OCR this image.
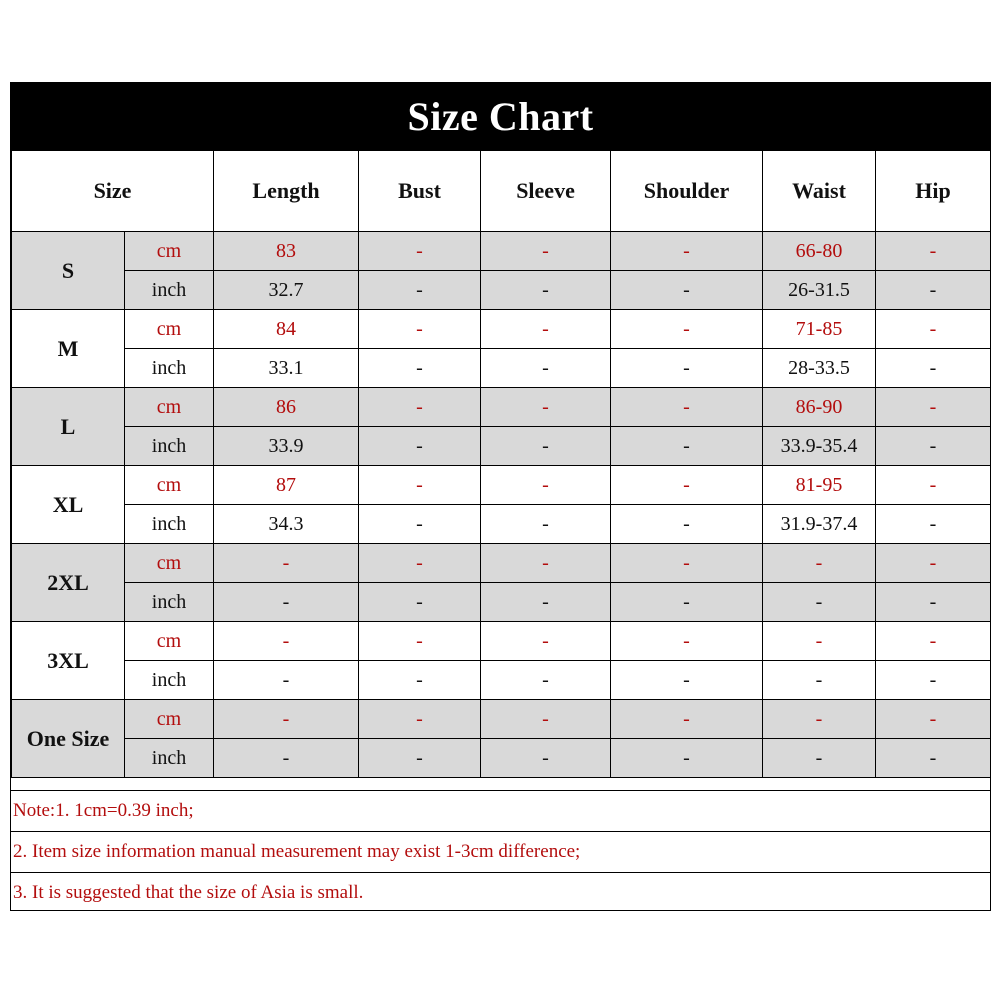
Size Chart
Size		Length	Bust	Sleeve	Shoulder	Waist	Hip
S	cm	83	-	-	-	66-80	-
	inch	32.7	-	-	-	26-31.5	-
M	cm	84	-	-	-	71-85	-
	inch	33.1	-	-	-	28-33.5	-
L	cm	86	-	-	-	86-90	-
	inch	33.9	-	-	-	33.9-35.4	-
XL	cm	87	-	-	-	81-95	-
	inch	34.3	-	-	-	31.9-37.4	-
2XL	cm	-	-	-	-	-	-
	inch	-	-	-	-	-	-
3XL	cm	-	-	-	-	-	-
	inch	-	-	-	-	-	-
One Size	cm	-	-	-	-	-	-
	inch	-	-	-	-	-	-
Note:1. 1cm=0.39 inch;
2. Item size information manual measurement may exist 1-3cm difference;
3. It is suggested that the size of Asia is small.
